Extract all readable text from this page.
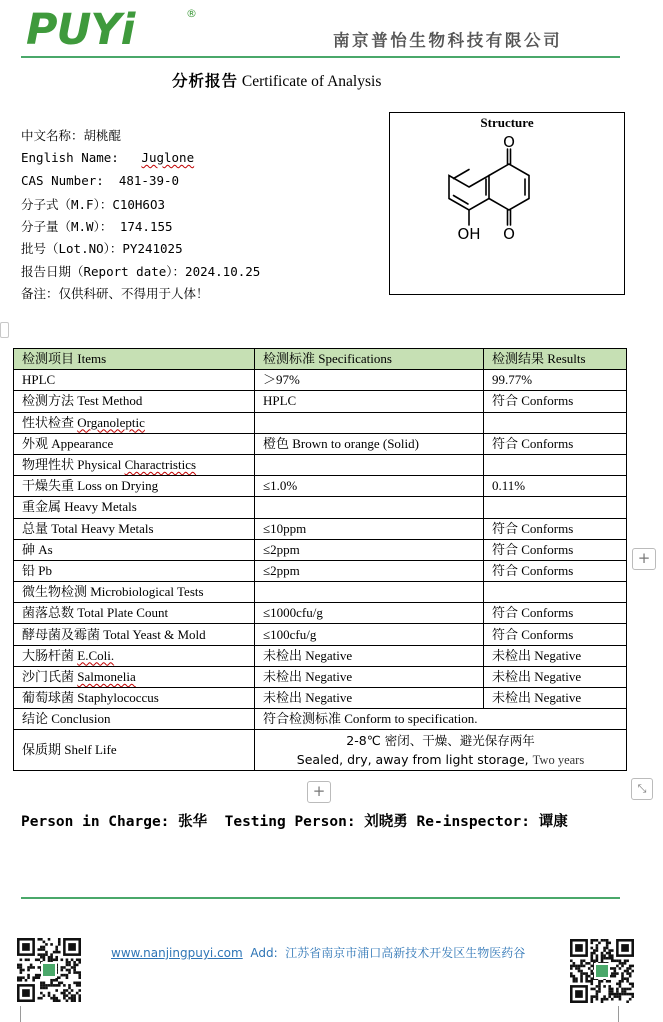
PUYi	®
南京普怡生物科技有限公司
分析报告 Certificate of Analysis
中文名称：胡桃醌
English Name: Juglone
CAS Number: 481-39-0
分子式（M.F）：C10H6O3
分子量（M.W）： 174.155
批号（Lot.NO）：PY241025
报告日期（Report date）：2024.10.25
备注：仅供科研、不得用于人体！
Structure
O
O
OH
检测项目 Items	检测标准 Specifications	检测结果 Results
HPLC	＞97%	99.77%
检测方法 Test Method	HPLC	符合 Conforms
性状检查 Organoleptic		
外观 Appearance	橙色 Brown to orange (Solid)	符合 Conforms
物理性状 Physical Charactristics		
干燥失重 Loss on Drying	≤1.0%	0.11%
重金属 Heavy Metals		
总量 Total Heavy Metals	≤10ppm	符合 Conforms
砷 As	≤2ppm	符合 Conforms
铅 Pb	≤2ppm	符合 Conforms
微生物检测 Microbiological Tests		
菌落总数 Total Plate Count	≤1000cfu/g	符合 Conforms
酵母菌及霉菌 Total Yeast & Mold	≤100cfu/g	符合 Conforms
大肠杆菌 E.Coli.	未检出 Negative	未检出 Negative
沙门氏菌 Salmonelia	未检出 Negative	未检出 Negative
葡萄球菌 Staphylococcus	未检出 Negative	未检出 Negative
结论 Conclusion	符合检测标准 Conform to specification.	
保质期 Shelf Life	2-8℃ 密闭、干燥、避光保存两年
Sealed, dry, away from light storage, Two years	
+
+	⤡
Person in Charge: 张华 Testing Person: 刘晓勇 Re-inspector: 谭康
www.nanjingpuyi.com Add: 江苏省南京市浦口高新技术开发区生物医药谷
